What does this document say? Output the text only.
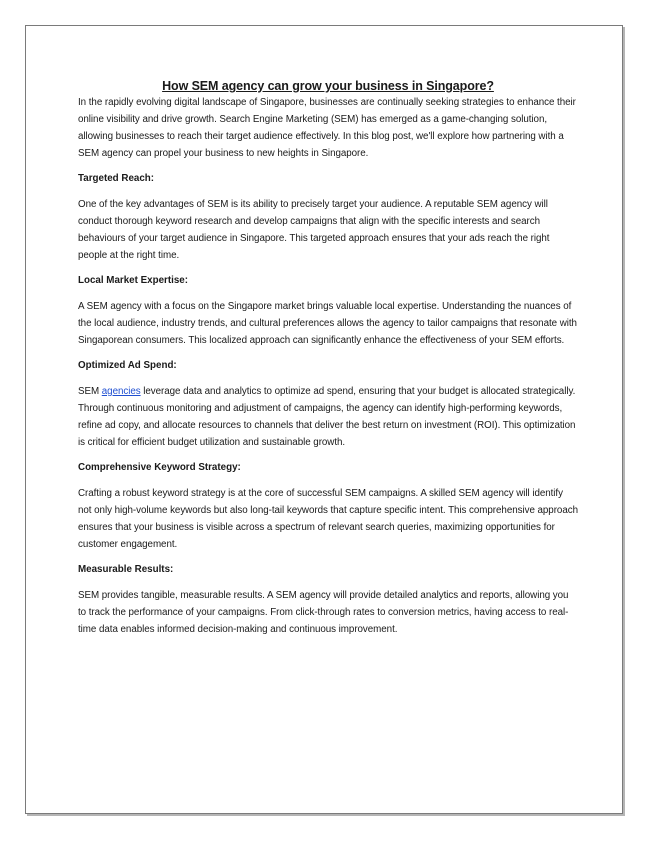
How SEM agency can grow your business in Singapore?

In the rapidly evolving digital landscape of Singapore, businesses are continually seeking strategies to enhance their online visibility and drive growth. Search Engine Marketing (SEM) has emerged as a game-changing solution, allowing businesses to reach their target audience effectively. In this blog post, we'll explore how partnering with a SEM agency can propel your business to new heights in Singapore.

Targeted Reach:

One of the key advantages of SEM is its ability to precisely target your audience. A reputable SEM agency will conduct thorough keyword research and develop campaigns that align with the specific interests and search behaviours of your target audience in Singapore. This targeted approach ensures that your ads reach the right people at the right time.

Local Market Expertise:

A SEM agency with a focus on the Singapore market brings valuable local expertise. Understanding the nuances of the local audience, industry trends, and cultural preferences allows the agency to tailor campaigns that resonate with Singaporean consumers. This localized approach can significantly enhance the effectiveness of your SEM efforts.

Optimized Ad Spend:

SEM agencies leverage data and analytics to optimize ad spend, ensuring that your budget is allocated strategically. Through continuous monitoring and adjustment of campaigns, the agency can identify high-performing keywords, refine ad copy, and allocate resources to channels that deliver the best return on investment (ROI). This optimization is critical for efficient budget utilization and sustainable growth.

Comprehensive Keyword Strategy:

Crafting a robust keyword strategy is at the core of successful SEM campaigns. A skilled SEM agency will identify not only high-volume keywords but also long-tail keywords that capture specific intent. This comprehensive approach ensures that your business is visible across a spectrum of relevant search queries, maximizing opportunities for customer engagement.

Measurable Results:

SEM provides tangible, measurable results. A SEM agency will provide detailed analytics and reports, allowing you to track the performance of your campaigns. From click-through rates to conversion metrics, having access to real-time data enables informed decision-making and continuous improvement.
